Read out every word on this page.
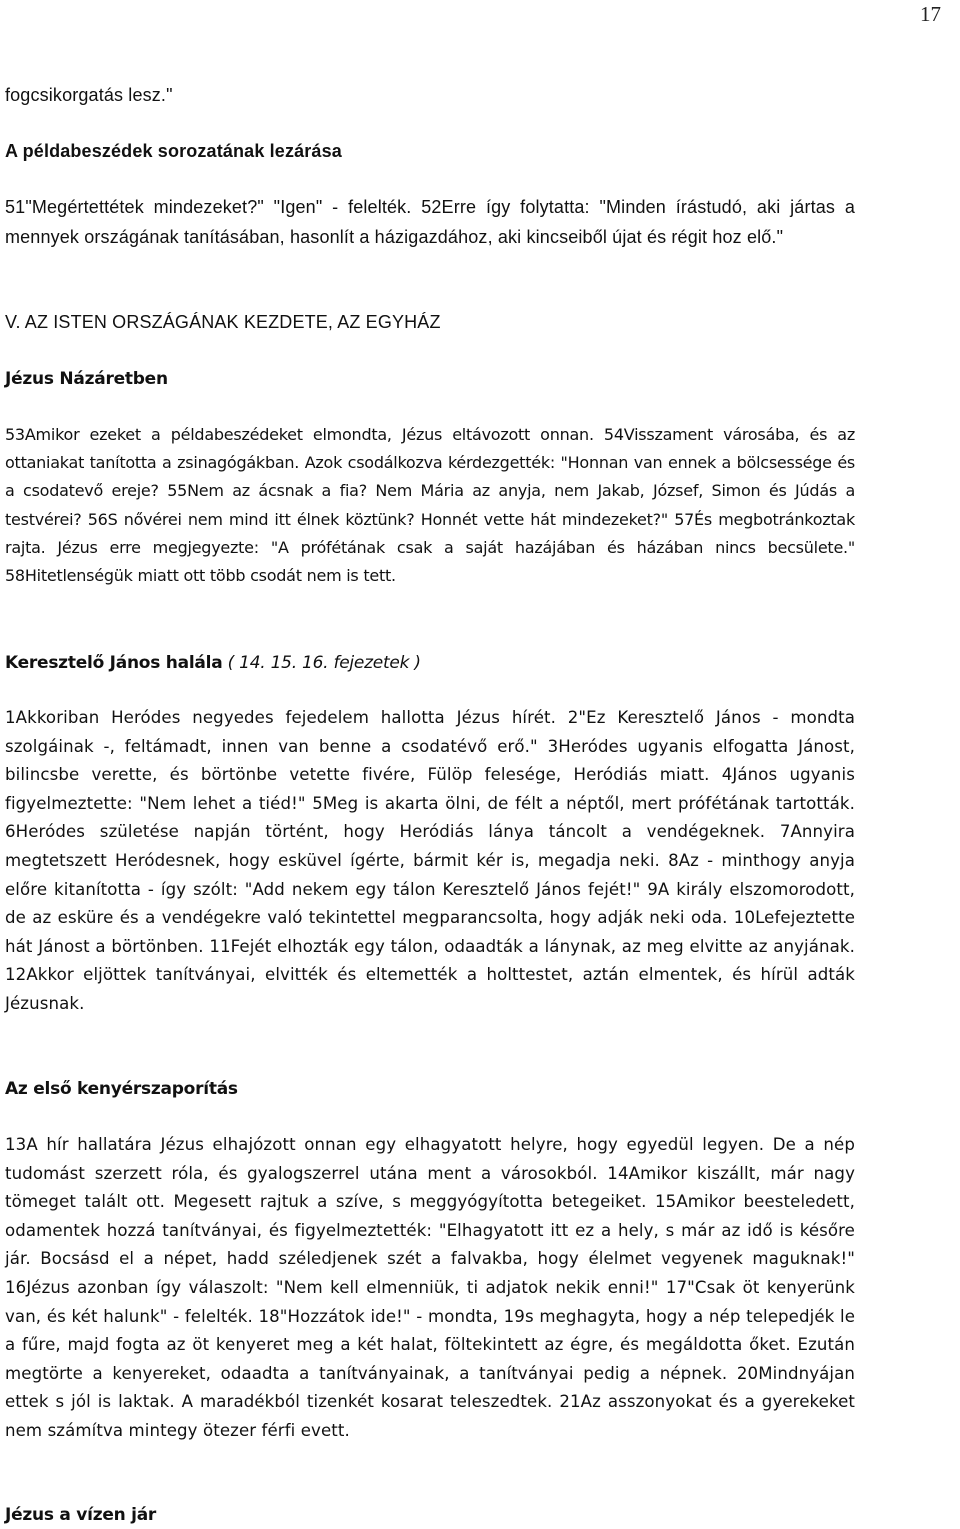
17

fogcsikorgatás lesz."

A példabeszédek sorozatának lezárása

51"Megértettétek mindezeket?" "Igen" - felelték. 52Erre így folytatta: "Minden írástudó, aki jártas a mennyek országának tanításában, hasonlít a házigazdához, aki kincseiből újat és régit hoz elő."

V. AZ ISTEN ORSZÁGÁNAK KEZDETE, AZ EGYHÁZ

Jézus Názáretben

53Amikor ezeket a példabeszédeket elmondta, Jézus eltávozott onnan. 54Visszament városába, és az ottaniakat tanította a zsinagógákban. Azok csodálkozva kérdezgették: "Honnan van ennek a bölcsessége és a csodatevő ereje? 55Nem az ácsnak a fia? Nem Mária az anyja, nem Jakab, József, Simon és Júdás a testvérei? 56S nővérei nem mind itt élnek köztünk? Honnét vette hát mindezeket?" 57És megbotránkoztak rajta. Jézus erre megjegyezte: "A prófétának csak a saját hazájában és házában nincs becsülete." 58Hitetlenségük miatt ott több csodát nem is tett.

Keresztelő János halála ( 14. 15. 16. fejezetek )

1Akkoriban Heródes negyedes fejedelem hallotta Jézus hírét. 2"Ez Keresztelő János - mondta szolgáinak -, feltámadt, innen van benne a csodatévő erő." 3Heródes ugyanis elfogatta Jánost, bilincsbe verette, és börtönbe vetette fivére, Fülöp felesége, Heródiás miatt. 4János ugyanis figyelmeztette: "Nem lehet a tiéd!" 5Meg is akarta ölni, de félt a néptől, mert prófétának tartották. 6Heródes születése napján történt, hogy Heródiás lánya táncolt a vendégeknek. 7Annyira megtetszett Heródesnek, hogy esküvel ígérte, bármit kér is, megadja neki. 8Az - minthogy anyja előre kitanította - így szólt: "Add nekem egy tálon Keresztelő János fejét!" 9A király elszomorodott, de az esküre és a vendégekre való tekintettel megparancsolta, hogy adják neki oda. 10Lefejeztette hát Jánost a börtönben. 11Fejét elhozták egy tálon, odaadták a lánynak, az meg elvitte az anyjának. 12Akkor eljöttek tanítványai, elvitték és eltemették a holttestet, aztán elmentek, és hírül adták Jézusnak.

Az első kenyérszaporítás

13A hír hallatára Jézus elhajózott onnan egy elhagyatott helyre, hogy egyedül legyen. De a nép tudomást szerzett róla, és gyalogszerrel utána ment a városokból. 14Amikor kiszállt, már nagy tömeget talált ott. Megesett rajtuk a szíve, s meggyógyította betegeiket. 15Amikor beesteledett, odamentek hozzá tanítványai, és figyelmeztették: "Elhagyatott itt ez a hely, s már az idő is későre jár. Bocsásd el a népet, hadd széledjenek szét a falvakba, hogy élelmet vegyenek maguknak!" 16Jézus azonban így válaszolt: "Nem kell elmenniük, ti adjatok nekik enni!" 17"Csak öt kenyerünk van, és két halunk" - felelték. 18"Hozzátok ide!" - mondta, 19s meghagyta, hogy a nép telepedjék le a fűre, majd fogta az öt kenyeret meg a két halat, föltekintett az égre, és megáldotta őket. Ezután megtörte a kenyereket, odaadta a tanítványainak, a tanítványai pedig a népnek. 20Mindnyájan ettek s jól is laktak. A maradékból tizenkét kosarat teleszedtek. 21Az asszonyokat és a gyerekeket nem számítva mintegy ötezer férfi evett.

Jézus a vízen jár
